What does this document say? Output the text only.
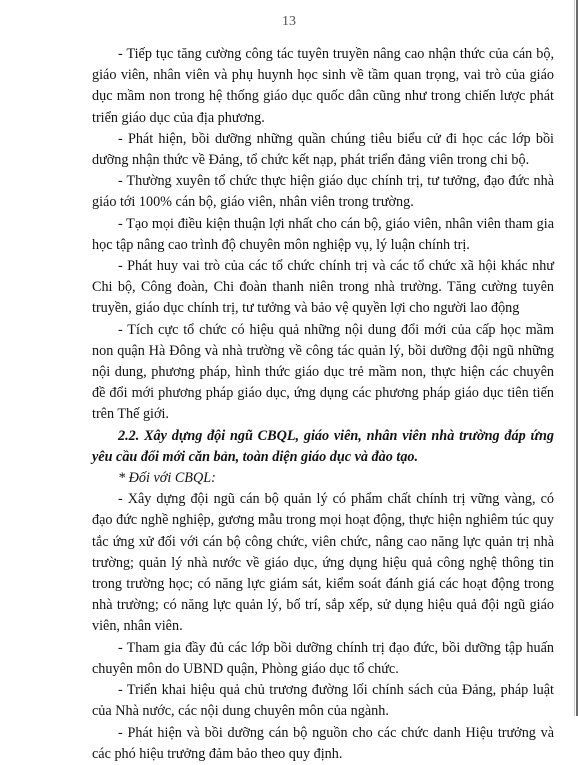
13

- Tiếp tục tăng cường công tác tuyên truyền nâng cao nhận thức của cán bộ, giáo viên, nhân viên và phụ huynh học sinh về tầm quan trọng, vai trò của giáo dục mầm non trong hệ thống giáo dục quốc dân cũng như trong chiến lược phát triển giáo dục của địa phương.

- Phát hiện, bồi dưỡng những quần chúng tiêu biểu cử đi học các lớp bồi dưỡng nhận thức về Đảng, tổ chức kết nạp, phát triển đảng viên trong chi bộ.

- Thường xuyên tổ chức thực hiện giáo dục chính trị, tư tưởng, đạo đức nhà giáo tới 100% cán bộ, giáo viên, nhân viên trong trường.

- Tạo mọi điều kiện thuận lợi nhất cho cán bộ, giáo viên, nhân viên tham gia học tập nâng cao trình độ chuyên môn nghiệp vụ, lý luận chính trị.

- Phát huy vai trò của các tổ chức chính trị và các tổ chức xã hội khác như Chi bộ, Công đoàn, Chi đoàn thanh niên trong nhà trường. Tăng cường tuyên truyền, giáo dục chính trị, tư tưởng và bảo vệ quyền lợi cho người lao động

- Tích cực tổ chức có hiệu quả những nội dung đổi mới của cấp học mầm non quận Hà Đông và nhà trường về công tác quản lý, bồi dưỡng đội ngũ những nội dung, phương pháp, hình thức giáo dục trẻ mầm non, thực hiện các chuyên đề đổi mới phương pháp giáo dục, ứng dụng các phương pháp giáo dục tiên tiến trên Thế giới.

2.2. Xây dựng đội ngũ CBQL, giáo viên, nhân viên nhà trường đáp ứng yêu cầu đổi mới căn bản, toàn diện giáo dục và đào tạo.

* Đối với CBQL:

- Xây dựng đội ngũ cán bộ quản lý có phẩm chất chính trị vững vàng, có đạo đức nghề nghiệp, gương mẫu trong mọi hoạt động, thực hiện nghiêm túc quy tắc ứng xử đối với cán bộ công chức, viên chức, nâng cao năng lực quản trị nhà trường; quản lý nhà nước về giáo dục, ứng dụng hiệu quả công nghệ thông tin trong trường học; có năng lực giám sát, kiểm soát đánh giá các hoạt động trong nhà trường; có năng lực quản lý, bố trí, sắp xếp, sử dụng hiệu quả đội ngũ giáo viên, nhân viên.

- Tham gia đầy đủ các lớp bồi dưỡng chính trị đạo đức, bồi dưỡng tập huấn chuyên môn do UBND quận, Phòng giáo dục tổ chức.

- Triển khai hiệu quả chủ trương đường lối chính sách của Đảng, pháp luật của Nhà nước, các nội dung chuyên môn của ngành.

- Phát hiện và bồi dưỡng cán bộ nguồn cho các chức danh Hiệu trưởng và các phó hiệu trưởng đảm bảo theo quy định.
